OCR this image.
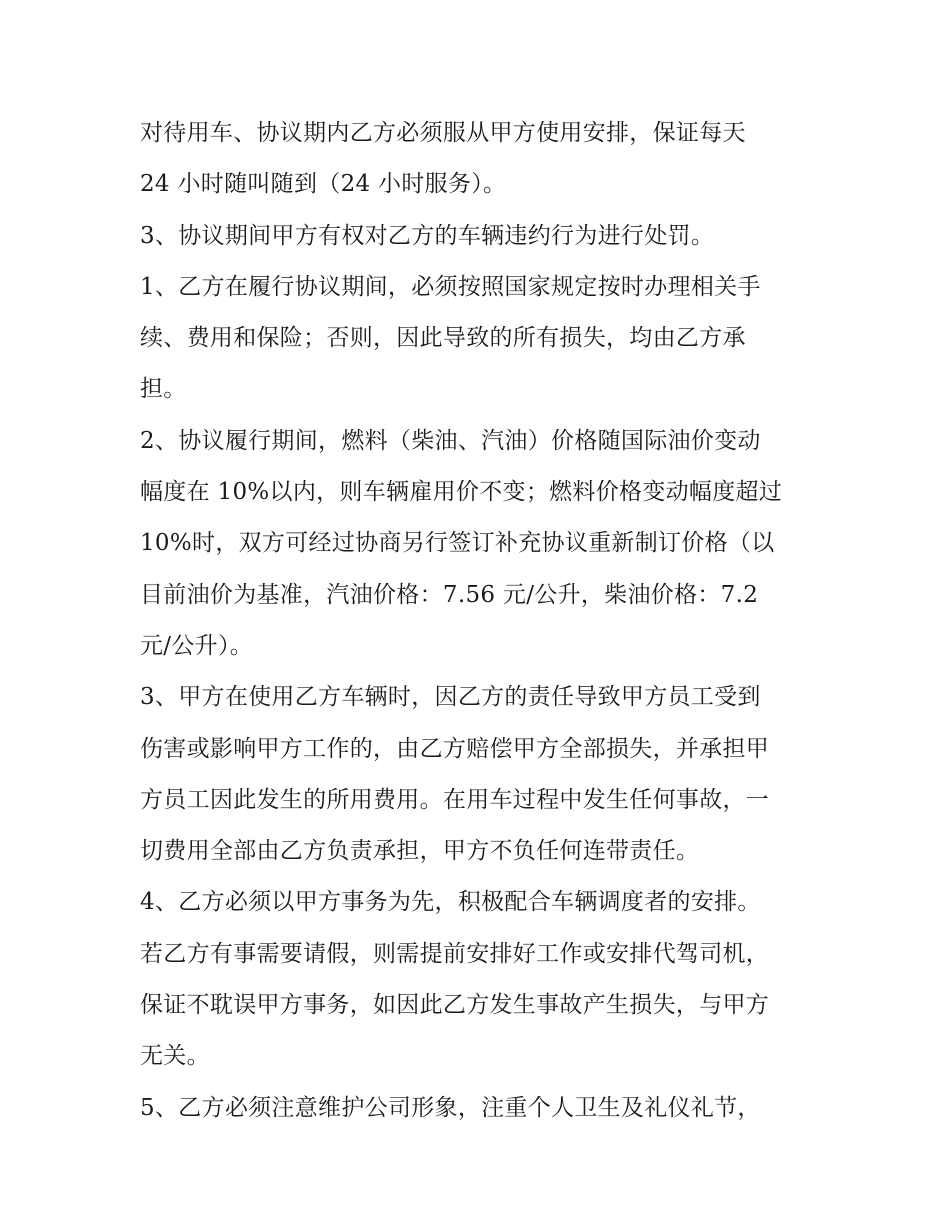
对待用车、协议期内乙方必须服从甲方使用安排，保证每天
24 小时随叫随到（24 小时服务）。
3、协议期间甲方有权对乙方的车辆违约行为进行处罚。
1、乙方在履行协议期间，必须按照国家规定按时办理相关手
续、费用和保险；否则，因此导致的所有损失，均由乙方承
担。
2、协议履行期间，燃料（柴油、汽油）价格随国际油价变动
幅度在 10%以内，则车辆雇用价不变；燃料价格变动幅度超过
10%时，双方可经过协商另行签订补充协议重新制订价格（以
目前油价为基准，汽油价格：7.56 元/公升，柴油价格：7.2
元/公升）。
3、甲方在使用乙方车辆时，因乙方的责任导致甲方员工受到
伤害或影响甲方工作的，由乙方赔偿甲方全部损失，并承担甲
方员工因此发生的所用费用。在用车过程中发生任何事故，一
切费用全部由乙方负责承担，甲方不负任何连带责任。
4、乙方必须以甲方事务为先，积极配合车辆调度者的安排。
若乙方有事需要请假，则需提前安排好工作或安排代驾司机，
保证不耽误甲方事务，如因此乙方发生事故产生损失，与甲方
无关。
5、乙方必须注意维护公司形象，注重个人卫生及礼仪礼节，
